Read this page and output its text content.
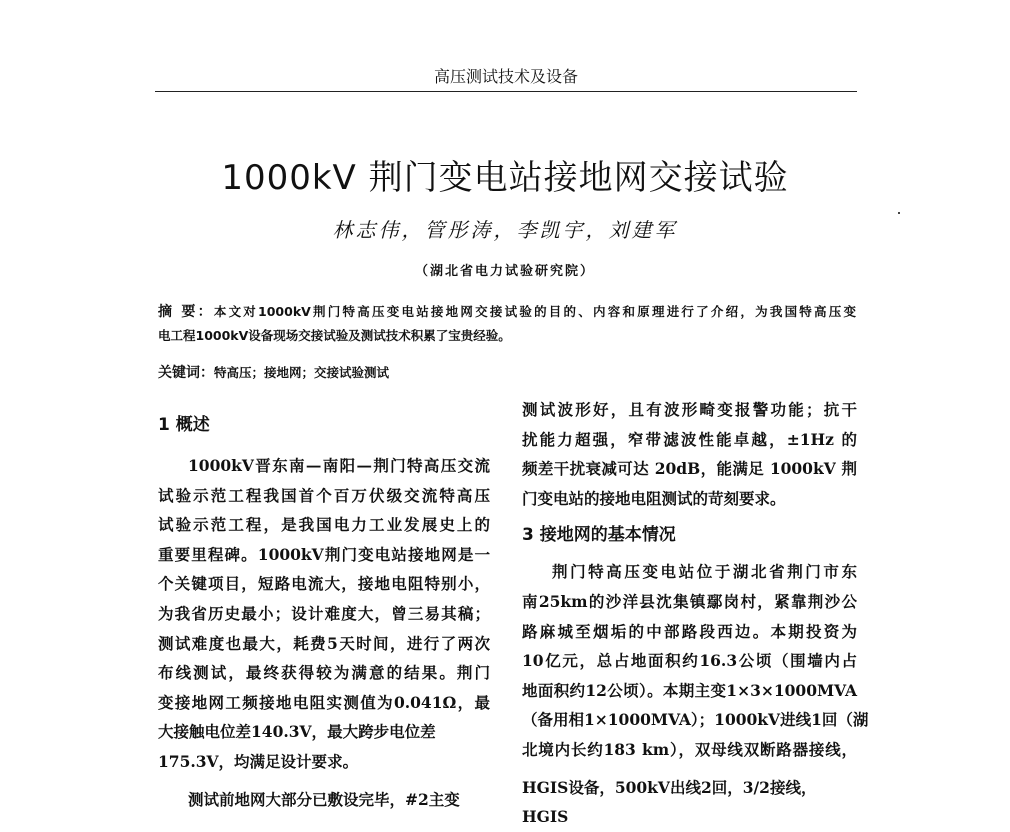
高压测试技术及设备
1000kV 荆门变电站接地网交接试验
林志伟，管彤涛，李凯宇，刘建军
（湖北省电力试验研究院）
摘 要：本文对1000kV荆门特高压变电站接地网交接试验的目的、内容和原理进行了介绍，为我国特高压变
电工程1000kV设备现场交接试验及测试技术积累了宝贵经验。
关键词：特高压；接地网；交接试验测试
1 概述
1000kV晋东南—南阳—荆门特高压交流
试验示范工程我国首个百万伏级交流特高压
试验示范工程，是我国电力工业发展史上的
重要里程碑。1000kV荆门变电站接地网是一
个关键项目，短路电流大，接地电阻特别小，
为我省历史最小；设计难度大，曾三易其稿；
测试难度也最大，耗费5天时间，进行了两次
布线测试，最终获得较为满意的结果。荆门
变接地网工频接地电阻实测值为0.041Ω，最
大接触电位差140.3V，最大跨步电位差
175.3V，均满足设计要求。
测试前地网大部分已敷设完毕，#2主变
测试波形好，且有波形畸变报警功能；抗干
扰能力超强，窄带滤波性能卓越，±1Hz 的
频差干扰衰减可达 20dB，能满足 1000kV 荆
门变电站的接地电阻测试的苛刻要求。
3 接地网的基本情况
荆门特高压变电站位于湖北省荆门市东
南25km的沙洋县沈集镇鄢岗村，紧靠荆沙公
路麻城至烟垢的中部路段西边。本期投资为
10亿元，总占地面积约16.3公顷（围墙内占
地面积约12公顷）。本期主变1×3×1000MVA
（备用相1×1000MVA）；1000kV进线1回（湖
北境内长约183 km），双母线双断路器接线，
HGIS设备，500kV出线2回，3/2接线，HGIS
